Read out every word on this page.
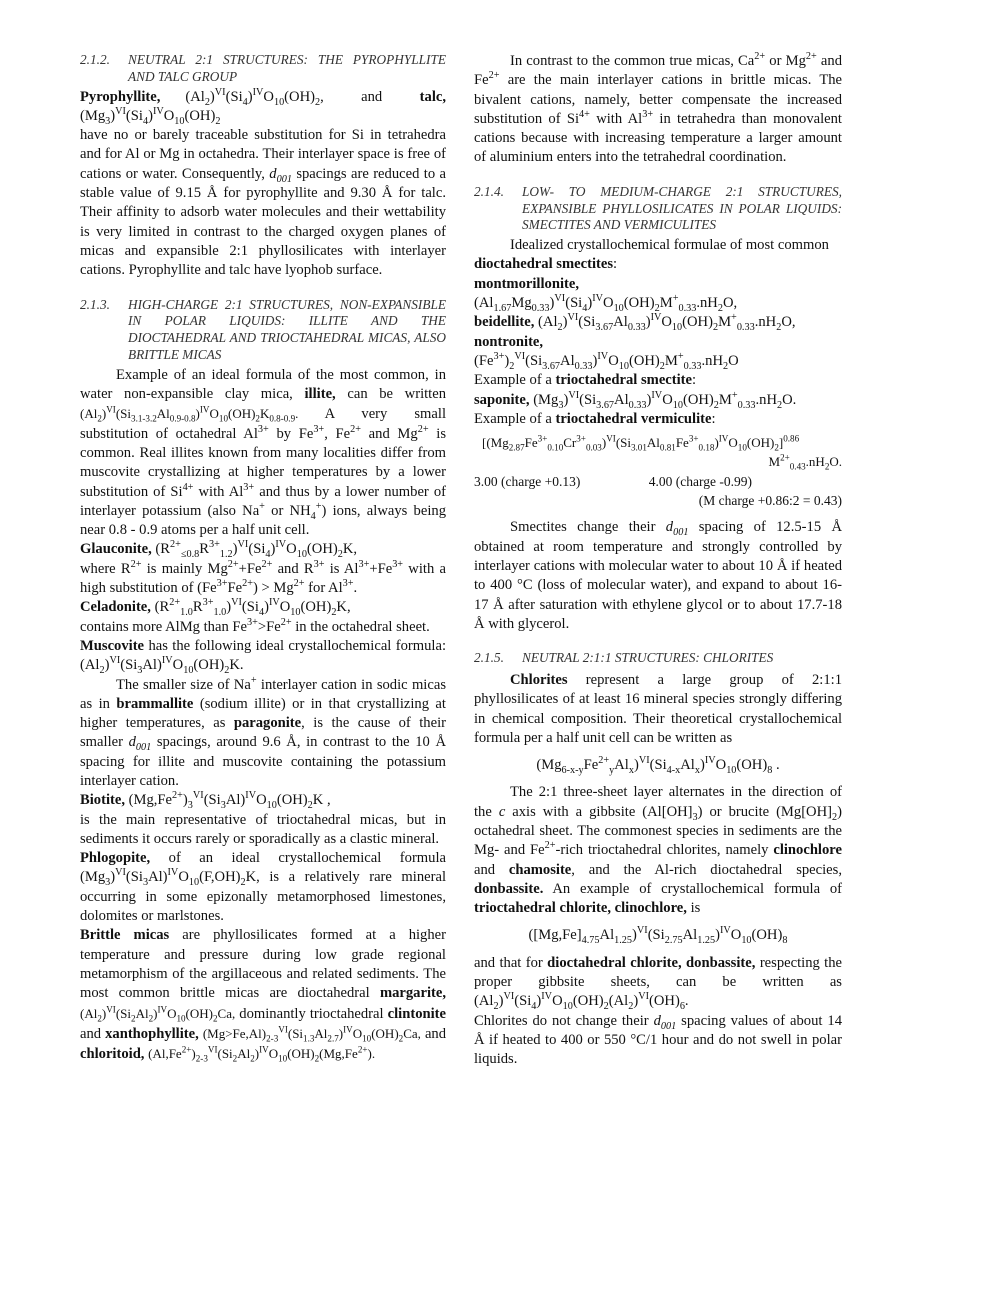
2.1.2. NEUTRAL 2:1 STRUCTURES: THE PYROPHYLLITE AND TALC GROUP

Pyrophyllite,  $(Al_2)^{VI}(Si_4)^{IV}O_{10}(OH)_2$,   and	talc, $(Mg_3)^{VI}(Si_4)^{IV}O_{10}(OH)_2$
have no or barely traceable substitution for Si in tetrahedra and for Al or Mg in octahedra. Their interlayer space is free of cations or water. Consequently, $d_{001}$ spacings are reduced to a stable value of 9.15 Å for pyrophyllite and 9.30 Å for talc. Their affinity to adsorb water molecules and their wettability is very limited in contrast to the charged oxygen planes of micas and expansible 2:1 phyllosilicates with interlayer cations. Pyrophyllite and talc have lyophob surface.

2.1.3. HIGH-CHARGE 2:1 STRUCTURES, NON-EXPANSIBLE IN POLAR LIQUIDS: ILLITE AND THE DIOCTAHEDRAL AND TRIOCTAHEDRAL MICAS, ALSO BRITTLE MICAS

Example of an ideal formula of the most common, in water non-expansible clay mica, illite, can be written $(Al_2)^{VI}(Si_{3.1-3.2}Al_{0.9-0.8})^{IV}O_{10}(OH)_2K_{0.8-0.9}$. A very small substitution of octahedral $Al^{3+}$ by $Fe^{3+}$, $Fe^{2+}$ and $Mg^{2+}$ is common. Real illites known from many localities differ from muscovite crystallizing at higher temperatures by a lower substitution of $Si^{4+}$ with $Al^{3+}$ and thus by a lower number of interlayer potassium (also Na+ or $NH_4^+$) ions, always being near 0.8 - 0.9 atoms per a half unit cell.

Glauconite, $(R^{2+}_{\le 0.8}R^{3+}_{1.2})^{VI}(Si_4)^{IV}O_{10}(OH)_2K$,
where $R^{2+}$ is mainly $Mg^{2+}+Fe^{2+}$ and $R^{3+}$ is $Al^{3+}+Fe^{3+}$ with a high substitution of $(Fe^{3+}Fe^{2+}) > Mg^{2+}$ for $Al^{3+}$.

Celadonite, $(R^{2+}_{1.0}R^{3+}_{1.0})^{VI}(Si_4)^{IV}O_{10}(OH)_2K$,
contains more AlMg than $Fe^{3+}>Fe^{2+}$ in the octahedral sheet.

Muscovite has the following ideal crystallochemical formula: $(Al_2)^{VI}(Si_3Al)^{IV}O_{10}(OH)_2K$.

The smaller size of Na+ interlayer cation in sodic micas as in brammallite (sodium illite) or in that crystallizing at higher temperatures, as paragonite, is the cause of their smaller $d_{001}$ spacings, around 9.6 Å, in contrast to the 10 Å spacing for illite and muscovite containing the potassium interlayer cation.

Biotite, $(Mg,Fe^{2+})_3^{VI}(Si_3Al)^{IV}O_{10}(OH)_2K$ ,
is the main representative of trioctahedral micas, but in sediments it occurs rarely or sporadically as a clastic mineral.

Phlogopite, of an ideal crystallochemical formula $(Mg_3)^{VI}(Si_3Al)^{IV}O_{10}(F,OH)_2K$, is a relatively rare mineral occurring in some epizonally metamorphosed limestones, dolomites or marlstones.

Brittle micas are phyllosilicates formed at a higher temperature and pressure during low grade regional metamorphism of the argillaceous and related sediments. The most common brittle micas are dioctahedral margarite, $(Al_2)^{VI}(Si_2Al_2)^{IV}O_{10}(OH)_2Ca$, dominantly trioctahedral clintonite and xanthophyllite, $(Mg>Fe,Al)_{2-3}^{VI}(Si_{1.3}Al_{2.7})^{IV}O_{10}(OH)_2Ca$, and chloritoid, $(Al,Fe^{2+})_{2-3}^{VI}(Si_2Al_2)^{IV}O_{10}(OH)_2(Mg,Fe^{2+})$.

In contrast to the common true micas, $Ca^{2+}$ or $Mg^{2+}$ and $Fe^{2+}$ are the main interlayer cations in brittle micas. The bivalent cations, namely, better compensate the increased substitution of $Si^{4+}$ with $Al^{3+}$ in tetrahedra than monovalent cations because with increasing temperature a larger amount of aluminium enters into the tetrahedral coordination.

2.1.4. LOW- TO MEDIUM-CHARGE 2:1 STRUCTURES, EXPANSIBLE PHYLLOSILICATES IN POLAR LIQUIDS: SMECTITES AND VERMICULITES

Idealized crystallochemical formulae of most common dioctahedral smectites:

montmorillonite,
$(Al_{1.67}Mg_{0.33})^{VI}(Si_4)^{IV}O_{10}(OH)_2M^+_{0.33}.nH_2O$,

beidellite, $(Al_2)^{VI}(Si_{3.67}Al_{0.33})^{IV}O_{10}(OH)_2M^+_{0.33}.nH_2O$,

nontronite,
$(Fe^{3+})_2^{VI}(Si_{3.67}Al_{0.33})^{IV}O_{10}(OH)_2M^+_{0.33}.nH_2O$

Example of a trioctahedral smectite:

saponite, $(Mg_3)^{VI}(Si_{3.67}Al_{0.33})^{IV}O_{10}(OH)_2M^+_{0.33}.nH_2O$.

Example of a trioctahedral vermiculite:

$[(Mg_{2.87}Fe^{3+}_{0.10}Cr^{3+}_{0.03})^{VI}(Si_{3.01}Al_{0.81}Fe^{3+}_{0.18})^{IV}O_{10}(OH)_2]^{0.86}$

$M^{2+}_{0.43}.nH_2O$.

3.00 (charge +0.13)	4.00 (charge -0.99)

(M charge +0.86:2 = 0.43)

Smectites change their $d_{001}$ spacing of 12.5-15 Å obtained at room temperature and strongly controlled by interlayer cations with molecular water to about 10 Å if heated to 400 °C (loss of molecular water), and expand to about 16-17 Å after saturation with ethylene glycol or to about 17.7-18 Å with glycerol.

2.1.5. NEUTRAL 2:1:1 STRUCTURES: CHLORITES

Chlorites represent a large group of 2:1:1 phyllosilicates of at least 16 mineral species strongly differing in chemical composition. Their theoretical crystallochemical formula per a half unit cell can be written as

$(Mg_{6-x-y}Fe^{2+}_yAl_x)^{VI}(Si_{4-x}Al_x)^{IV}O_{10}(OH)_8$ .

The 2:1 three-sheet layer alternates in the direction of the c axis with a gibbsite $(Al[OH]_3)$ or brucite $(Mg[OH]_2)$ octahedral sheet. The commonest species in sediments are the Mg- and $Fe^{2+}$-rich trioctahedral chlorites, namely clinochlore and chamosite, and the Al-rich dioctahedral species, donbassite. An example of crystallochemical formula of trioctahedral chlorite, clinochlore, is

$([Mg,Fe]_{4.75}Al_{1.25})^{VI}(Si_{2.75}Al_{1.25})^{IV}O_{10}(OH)_8$

and that for dioctahedral chlorite, donbassite, respecting the proper gibbsite sheets, can be written as $(Al_2)^{VI}(Si_4)^{IV}O_{10}(OH)_2(Al_2)^{VI}(OH)_6$.

Chlorites do not change their $d_{001}$ spacing values of about 14 Å if heated to 400 or 550 °C/1 hour and do not swell in polar liquids.
